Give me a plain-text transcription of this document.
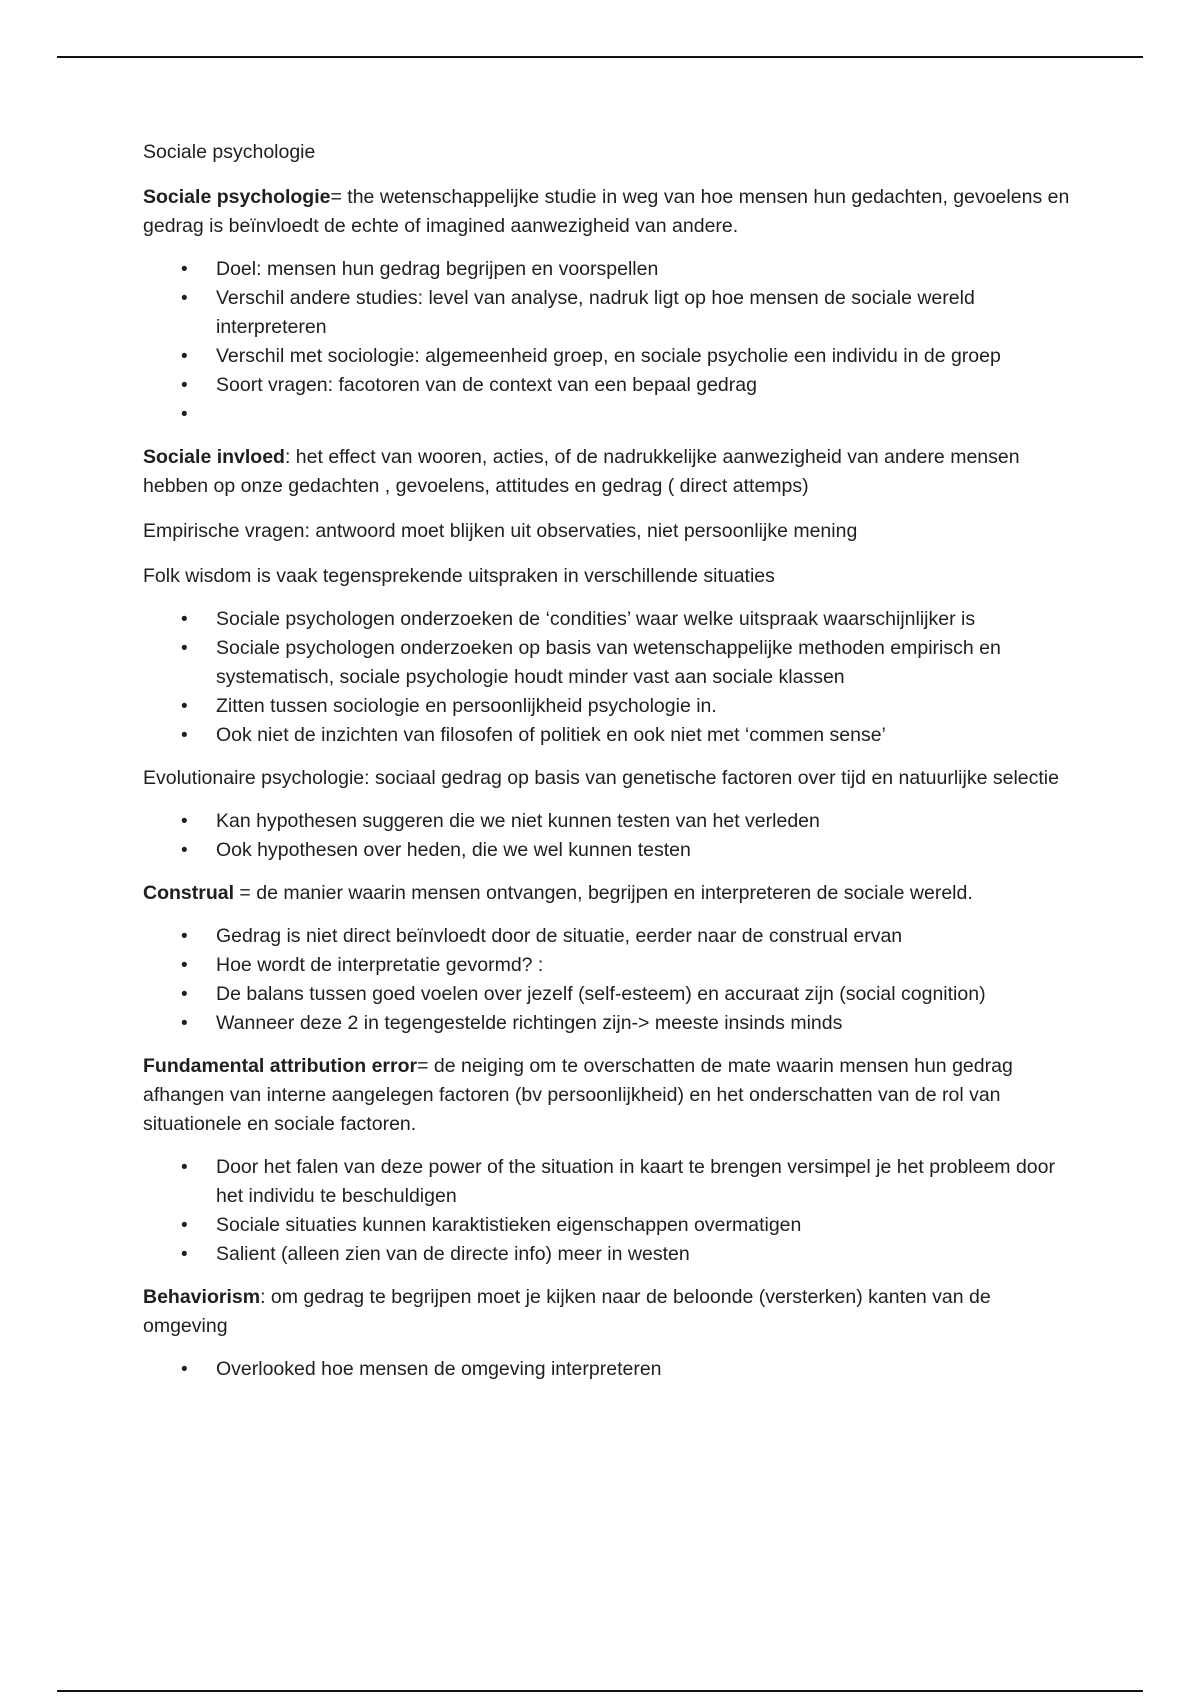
Sociale psychologie

Sociale psychologie= the wetenschappelijke studie in weg van hoe mensen hun gedachten, gevoelens en gedrag is beïnvloedt de echte of imagined aanwezigheid van andere.

• Doel: mensen hun gedrag begrijpen en voorspellen
• Verschil andere studies: level van analyse, nadruk ligt op hoe mensen de sociale wereld interpreteren
• Verschil met sociologie: algemeenheid groep, en sociale psycholie een individu in de groep
• Soort vragen: facotoren van de context van een bepaal gedrag
•

Sociale invloed: het effect van wooren, acties, of de nadrukkelijke aanwezigheid van andere mensen hebben op onze gedachten , gevoelens, attitudes en gedrag ( direct attemps)

Empirische vragen: antwoord moet blijken uit observaties, niet persoonlijke mening

Folk wisdom is vaak tegensprekende uitspraken in verschillende situaties

• Sociale psychologen onderzoeken de ‘condities’ waar welke uitspraak waarschijnlijker is
• Sociale psychologen onderzoeken op basis van wetenschappelijke methoden empirisch en systematisch, sociale psychologie houdt minder vast aan sociale klassen
• Zitten tussen sociologie en persoonlijkheid psychologie in.
• Ook niet de inzichten van filosofen of politiek en ook niet met ‘commen sense’

Evolutionaire psychologie: sociaal gedrag op basis van genetische factoren over tijd en natuurlijke selectie

• Kan hypothesen suggeren die we niet kunnen testen van het verleden
• Ook hypothesen over heden, die we wel kunnen testen

Construal = de manier waarin mensen ontvangen, begrijpen en interpreteren de sociale wereld.

• Gedrag is niet direct beïnvloedt door de situatie, eerder naar de construal ervan
• Hoe wordt de interpretatie gevormd? :
• De balans tussen goed voelen over jezelf (self-esteem) en accuraat zijn (social cognition)
• Wanneer deze 2 in tegengestelde richtingen zijn-> meeste insinds minds

Fundamental attribution error= de neiging om te overschatten de mate waarin mensen hun gedrag afhangen van interne aangelegen factoren (bv persoonlijkheid) en het onderschatten van de rol van situationele en sociale factoren.

• Door het falen van deze power of the situation in kaart te brengen versimpel je het probleem door het individu te beschuldigen
• Sociale situaties kunnen karaktistieken eigenschappen overmatigen
• Salient (alleen zien van de directe info) meer in westen

Behaviorism: om gedrag te begrijpen moet je kijken naar de beloonde (versterken) kanten van de omgeving

• Overlooked hoe mensen de omgeving interpreteren
